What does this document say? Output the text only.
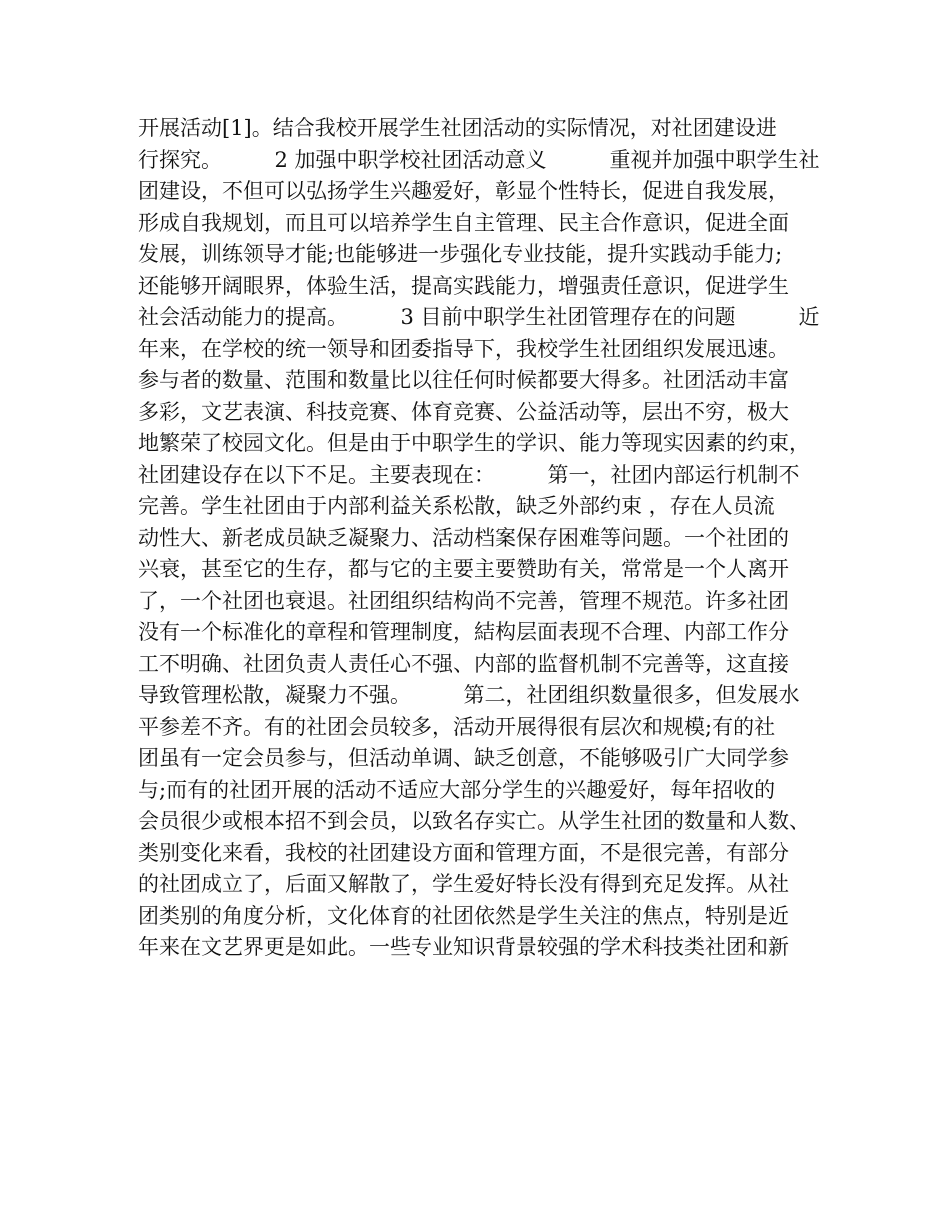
开展活动[1]。结合我校开展学生社团活动的实际情况，对社团建设进
行探究。　　　2 加强中职学校社团活动意义　　　重视并加强中职学生社
团建设，不但可以弘扬学生兴趣爱好，彰显个性特长，促进自我发展，
形成自我规划，而且可以培养学生自主管理、民主合作意识，促进全面
发展，训练领导才能;也能够进一步强化专业技能，提升实践动手能力;
还能够开阔眼界，体验生活，提高实践能力，增强责任意识，促进学生
社会活动能力的提高。　　　3 目前中职学生社团管理存在的问题　　　近
年来，在学校的统一领导和团委指导下，我校学生社团组织发展迅速。
参与者的数量、范围和数量比以往任何时候都要大得多。社团活动丰富
多彩，文艺表演、科技竞赛、体育竞赛、公益活动等，层出不穷，极大
地繁荣了校园文化。但是由于中职学生的学识、能力等现实因素的约束，
社团建设存在以下不足。主要表现在：　　　第一，社团内部运行机制不
完善。学生社团由于内部利益关系松散，缺乏外部约束 ，存在人员流
动性大、新老成员缺乏凝聚力、活动档案保存困难等问题。一个社团的
兴衰，甚至它的生存，都与它的主要主要赞助有关，常常是一个人离开
了，一个社团也衰退。社团组织结构尚不完善，管理不规范。许多社团
没有一个标准化的章程和管理制度，結构层面表现不合理、内部工作分
工不明确、社团负责人责任心不强、内部的监督机制不完善等，这直接
导致管理松散，凝聚力不强。　　　第二，社团组织数量很多，但发展水
平参差不齐。有的社团会员较多，活动开展得很有层次和规模;有的社
团虽有一定会员参与，但活动单调、缺乏创意，不能够吸引广大同学参
与;而有的社团开展的活动不适应大部分学生的兴趣爱好，每年招收的
会员很少或根本招不到会员，以致名存实亡。从学生社团的数量和人数、
类别变化来看，我校的社团建设方面和管理方面，不是很完善，有部分
的社团成立了，后面又解散了，学生爱好特长没有得到充足发挥。从社
团类别的角度分析，文化体育的社团依然是学生关注的焦点，特别是近
年来在文艺界更是如此。一些专业知识背景较强的学术科技类社团和新
